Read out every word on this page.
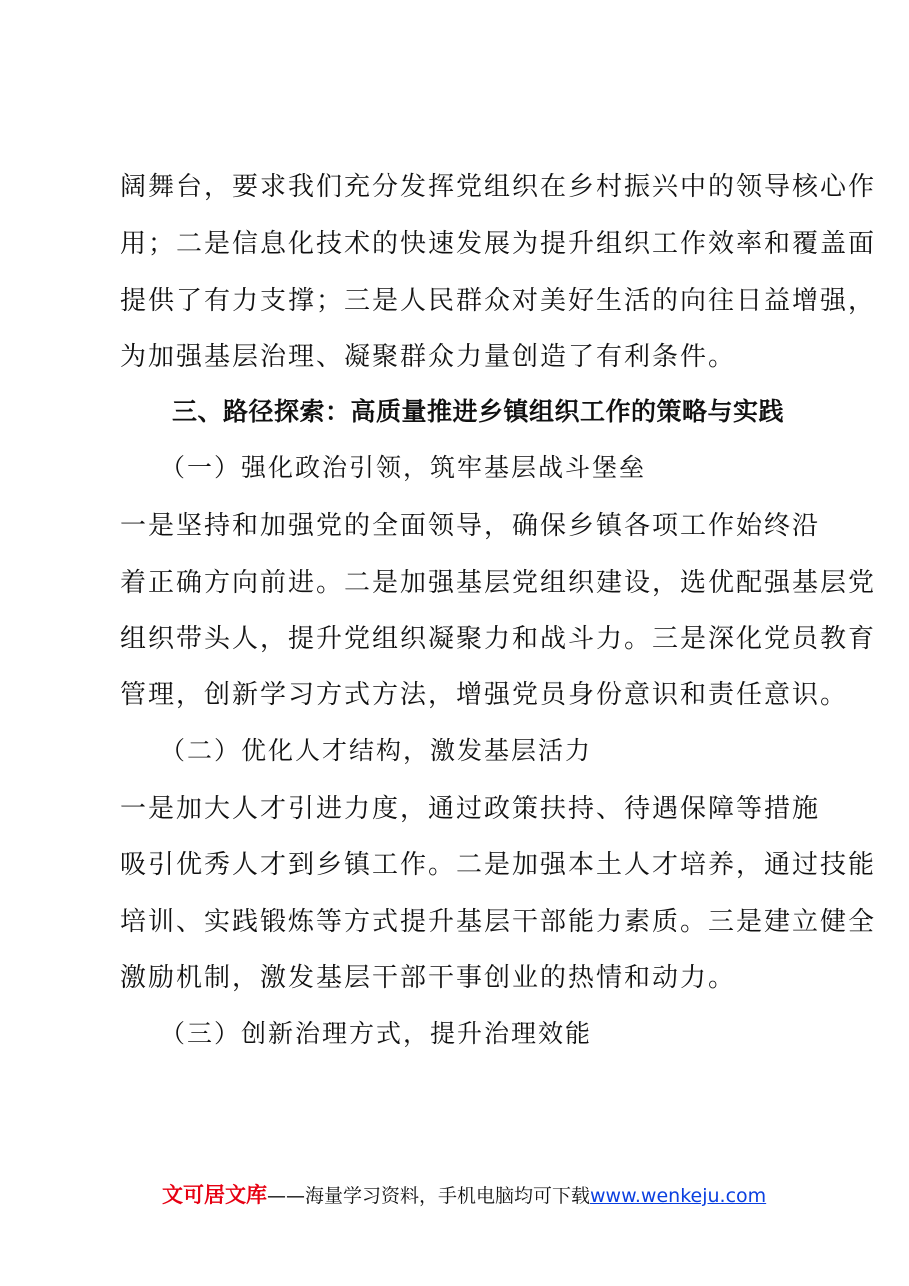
阔舞台，要求我们充分发挥党组织在乡村振兴中的领导核心作
用；二是信息化技术的快速发展为提升组织工作效率和覆盖面
提供了有力支撑；三是人民群众对美好生活的向往日益增强，
为加强基层治理、凝聚群众力量创造了有利条件。
三、路径探索：高质量推进乡镇组织工作的策略与实践
（一）强化政治引领，筑牢基层战斗堡垒
一是坚持和加强党的全面领导，确保乡镇各项工作始终沿
着正确方向前进。二是加强基层党组织建设，选优配强基层党
组织带头人，提升党组织凝聚力和战斗力。三是深化党员教育
管理，创新学习方式方法，增强党员身份意识和责任意识。
（二）优化人才结构，激发基层活力
一是加大人才引进力度，通过政策扶持、待遇保障等措施
吸引优秀人才到乡镇工作。二是加强本土人才培养，通过技能
培训、实践锻炼等方式提升基层干部能力素质。三是建立健全
激励机制，激发基层干部干事创业的热情和动力。
（三）创新治理方式，提升治理效能
文可居文库——海量学习资料，手机电脑均可下载www.wenkeju.com
